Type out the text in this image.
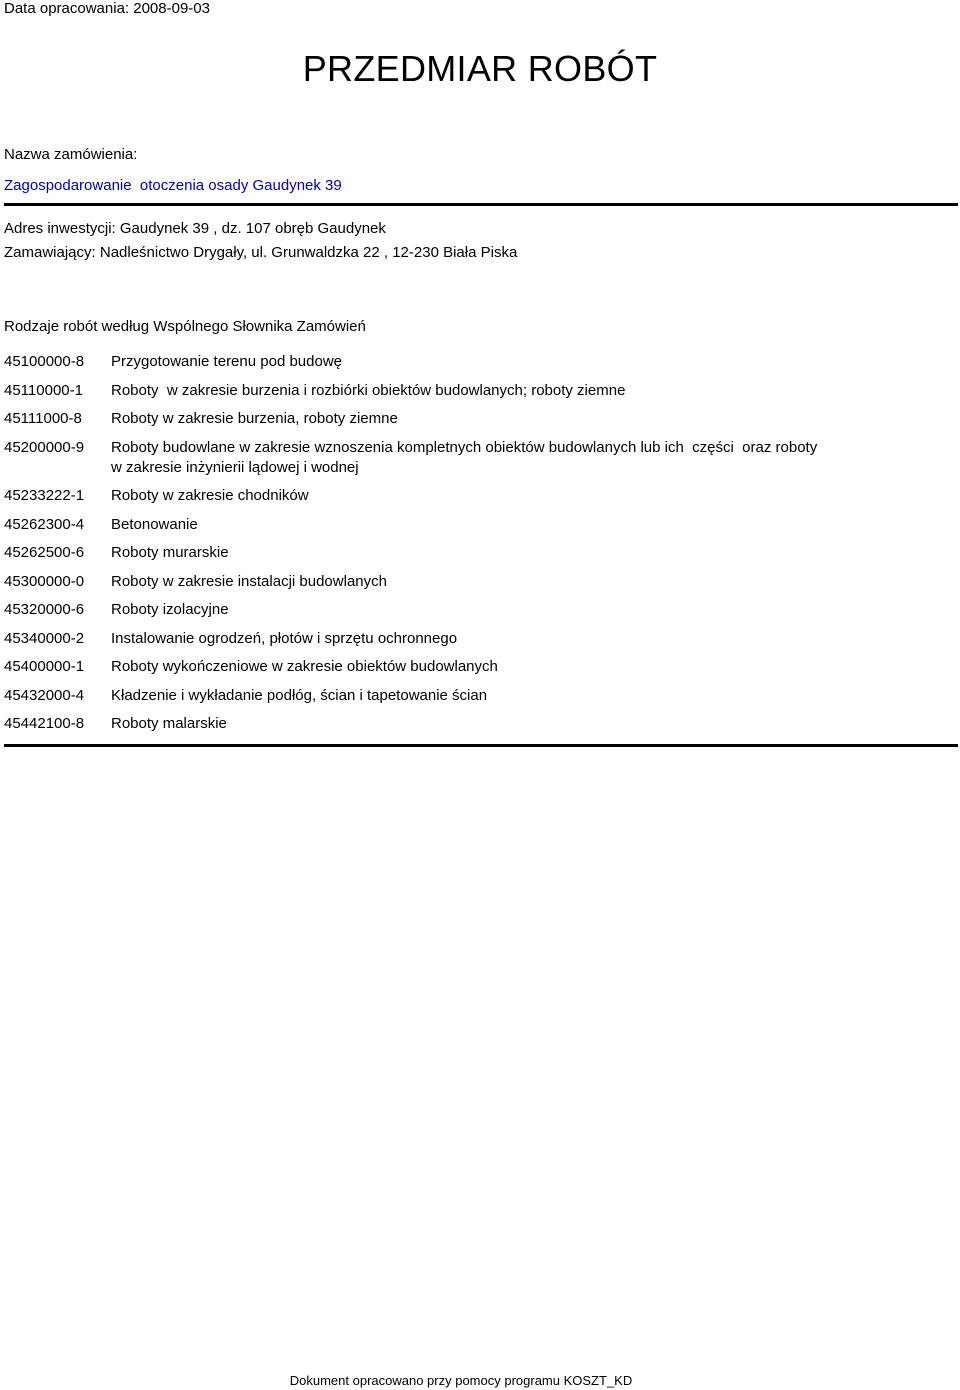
Data opracowania: 2008-09-03
PRZEDMIAR ROBÓT
Nazwa zamówienia:
Zagospodarowanie  otoczenia osady Gaudynek 39
Adres inwestycji: Gaudynek 39 , dz. 107 obręb Gaudynek
Zamawiający: Nadleśnictwo Drygały, ul. Grunwaldzka 22 , 12-230 Biała Piska
Rodzaje robót według Wspólnego Słownika Zamówień
45100000-8	Przygotowanie terenu pod budowę
45110000-1	Roboty  w zakresie burzenia i rozbiórki obiektów budowlanych; roboty ziemne
45111000-8	Roboty w zakresie burzenia, roboty ziemne
45200000-9	Roboty budowlane w zakresie wznoszenia kompletnych obiektów budowlanych lub ich  części  oraz roboty
w zakresie inżynierii lądowej i wodnej
45233222-1	Roboty w zakresie chodników
45262300-4	Betonowanie
45262500-6	Roboty murarskie
45300000-0	Roboty w zakresie instalacji budowlanych
45320000-6	Roboty izolacyjne
45340000-2	Instalowanie ogrodzeń, płotów i sprzętu ochronnego
45400000-1	Roboty wykończeniowe w zakresie obiektów budowlanych
45432000-4	Kładzenie i wykładanie podłóg, ścian i tapetowanie ścian
45442100-8	Roboty malarskie
Dokument opracowano przy pomocy programu KOSZT_KD
